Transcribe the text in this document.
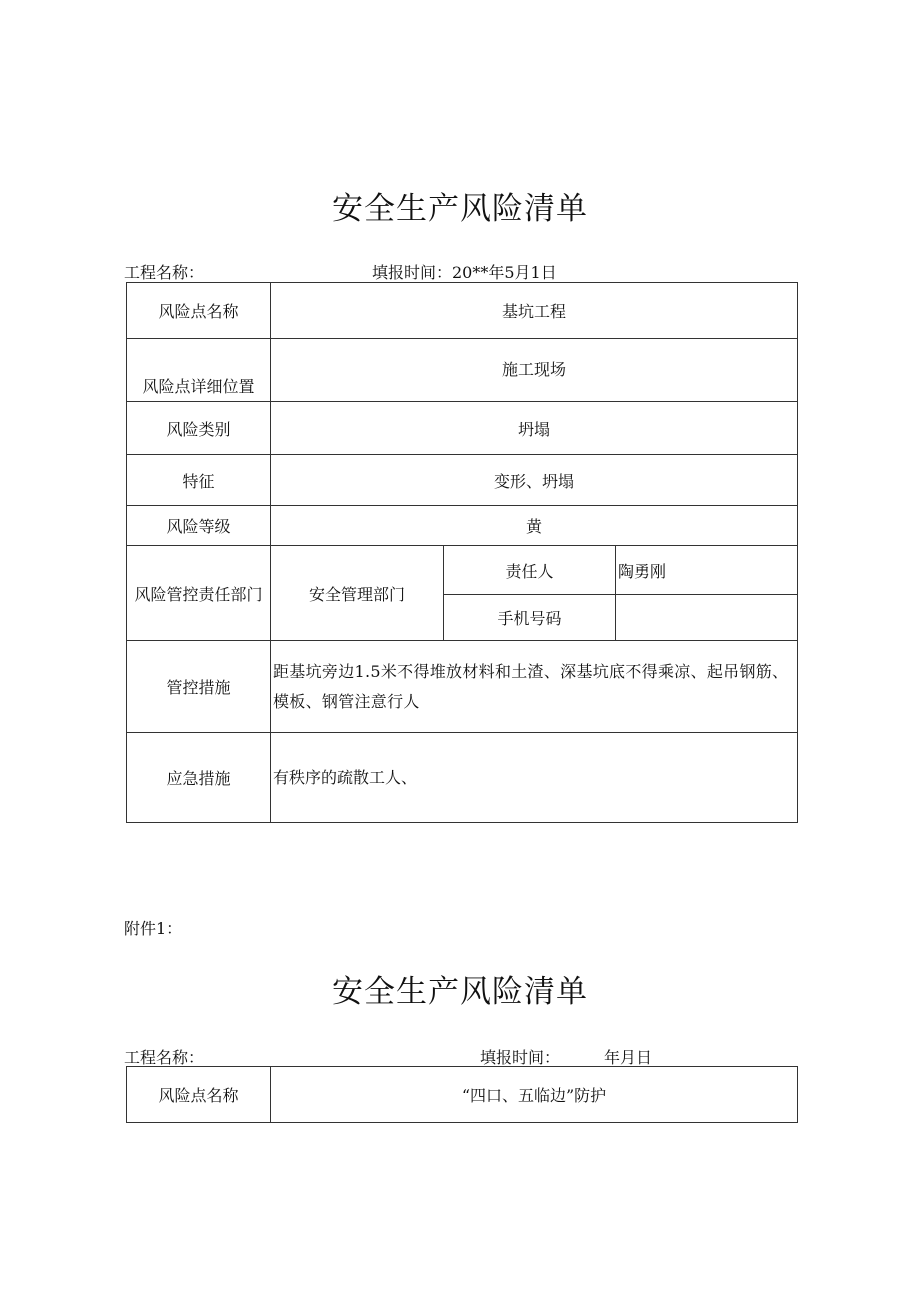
安全生产风险清单
工程名称：	填报时间：20**年5月1日
风险点名称	基坑工程		
风险点详细位置	施工现场		
风险类别	坍塌		
特征	变形、坍塌		
风险等级	黄		
风险管控责任部门	安全管理部门	责任人	陶勇刚
		手机号码	
管控措施	距基坑旁边1.5米不得堆放材料和土渣、深基坑底不得乘凉、起吊钢筋、模板、钢管注意行人		
应急措施	有秩序的疏散工人、		
附件1：
安全生产风险清单
工程名称：	填报时间：	年月日
风险点名称	“四口、五临边”防护
